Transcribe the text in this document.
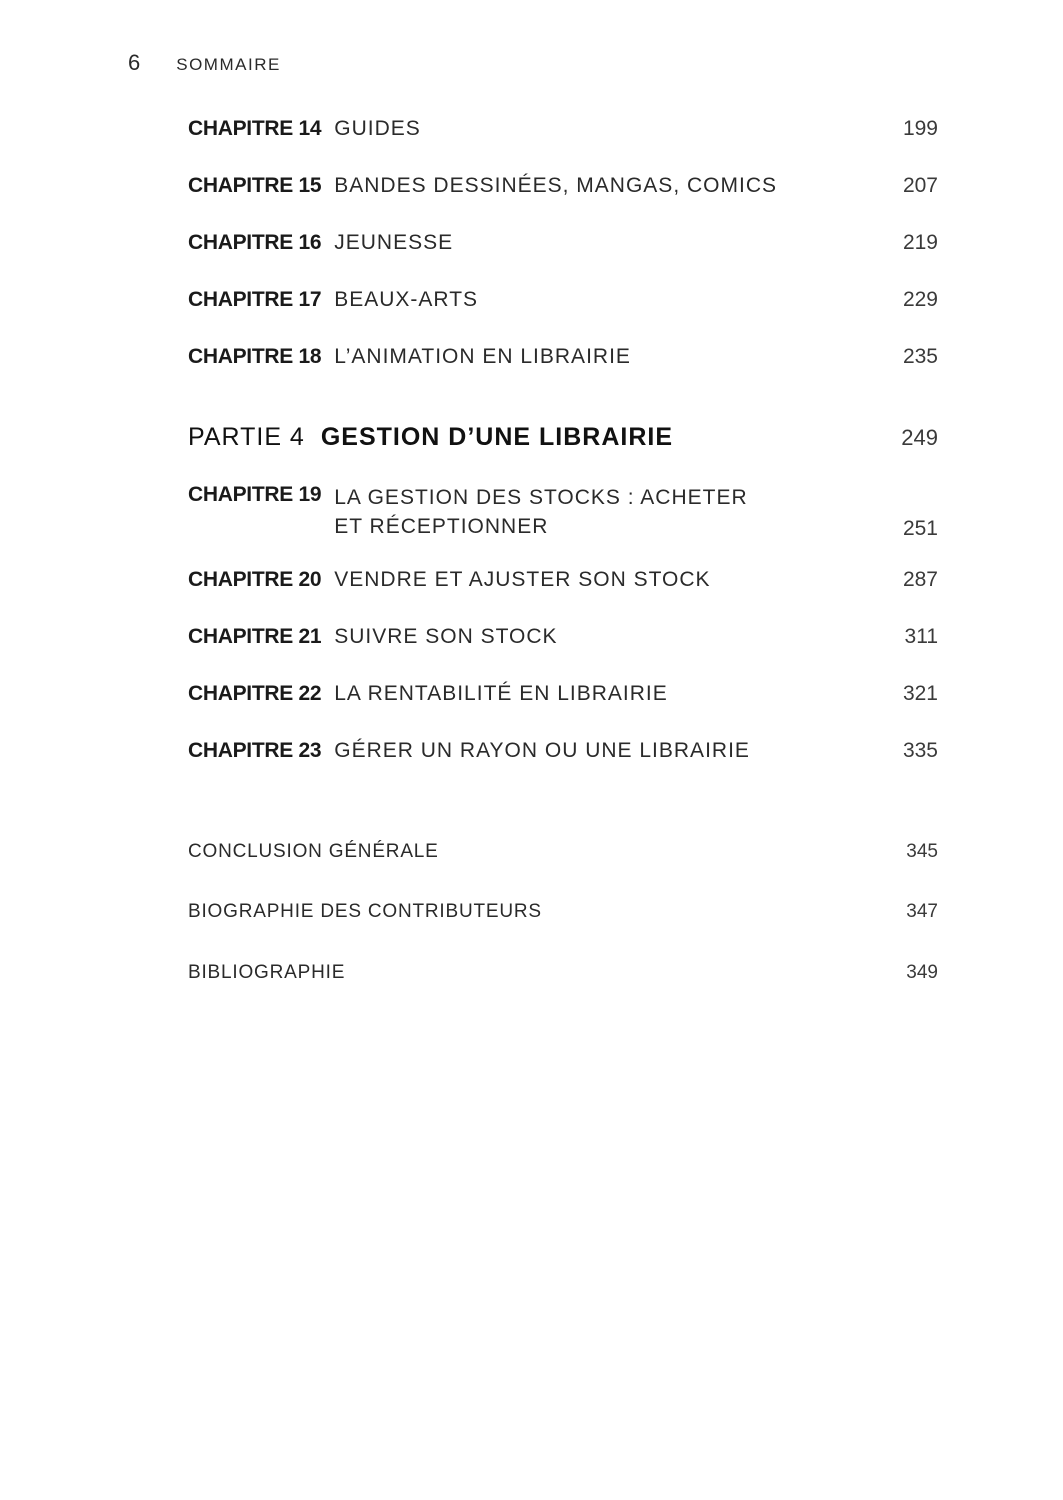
6 SOMMAIRE
CHAPITRE 14 GUIDES	199
CHAPITRE 15 BANDES DESSINÉES, MANGAS, COMICS	207
CHAPITRE 16 JEUNESSE	219
CHAPITRE 17 BEAUX-ARTS	229
CHAPITRE 18 L’ANIMATION EN LIBRAIRIE	235
PARTIE 4 GESTION D’UNE LIBRAIRIE	249
CHAPITRE 19 LA GESTION DES STOCKS : ACHETER
ET RÉCEPTIONNER	251
CHAPITRE 20 VENDRE ET AJUSTER SON STOCK	287
CHAPITRE 21 SUIVRE SON STOCK	311
CHAPITRE 22 LA RENTABILITÉ EN LIBRAIRIE	321
CHAPITRE 23 GÉRER UN RAYON OU UNE LIBRAIRIE	335
CONCLUSION GÉNÉRALE	345
BIOGRAPHIE DES CONTRIBUTEURS	347
BIBLIOGRAPHIE	349
